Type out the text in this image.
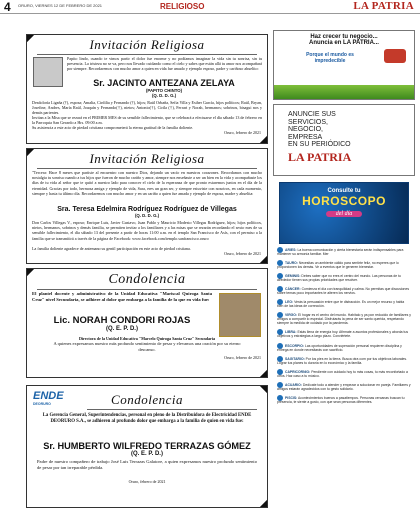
4 ORURO, VIERNES 12 DE FEBRERO DE 2021	RELIGIOSO	LA PATRIA
Invitación Religiosa
Papito lindo, cuando te vimos partir el dolor fue enorme y no podíamos imaginar la vida sin tu sonrisa, sin tu presencia. La tristeza no se va, pero nos llevado cuidando como el cielo y sabes que están allá tu amor nos acompañará por siempre. Recordaremos con mucho amor a quien en vida fue amado y ejemplo esposo, padre y cariñoso abuelito:
Sr. JACINTO ANTEZANA ZELAYA
(PAPITO CHINTO)
(Q. D. D. G.)
Desdoloría Ligaña (†), esposa; Amalia, Cirdilia y Fernando (†), hijos; Raúl Orbaña, Sefia Villa y Esther García, hijos políticos; Raúl, Bryan, Josefine, Andres, María Raúl, Joaquín y Fernando(†), nietos; Antonio(†), Cirila (†), Ferrari y Norah, hermanos; sobrinos, bisagui nos y demás parientes.
Invitan a la Misa que se rezará en el PRIMER MES de su sensible fallecimiento, que se celebrará a efectuarse el día sábado 13 de febrero en la Parroquia San Gerardo a Hrs. 09:00 a.m.
Su asistencia a este acto de piedad cristiana comprometerá la eterna gratitud de la familia doliente.
Oruro, febrero de 2021
Invitación Religiosa
"Tercera: Hace 8 meses que partiste al encuentro con nuestro Dios, dejando un vacío en nuestros corazones. Recordamos con mucho nostalgia tu sonrisa cuando a tus hijos que fueron de mucho cariño y amor, siempre nos enseñaste a ser un bien en la vida y acompañaste los días de tu vida al señor que te quitó a nuestro lado para conocer el cielo de la esperanza de que pronto estaremos juntos en el día de la eternidad. Gracias por todo, hermosa amiga y ejemplo de vida, Sara, eres un gran ser, y siempre estuviste con nosotros, en cada momento, siempre y hasta tu último día. Recordaremos con mucho amor y en un cariño a quien fue amada y ejemplo de esposa, madre y abuelita:
Sra. Teresa Edelmira Rodríguez Rodríguez de Villegas
(Q. D. D. G.)
Don Carlos Villegas V., esposo; Enrique Luis, Javier Gustavo, Juan Pablo y Mauricio Modesto Villegas Rodríguez, hijos; hijos políticos, nietos, hermanos, sobrinos y demás familia, se permiten invitar a los familiares y a las misas que se rezarán recordando el sexto mes de su sensible fallecimiento, el día sábado 13 del presente a partir de horas 11:00 a.m. en el templo San Francisco de Asís, con el permiso a la familia que se transmitirá a través de la página de Facebook: www.facebook.com/templo.sanfrancisco.oruro
La familia doliente agradece de antemano su gentil participación en este acto de piedad cristiana.
Oruro, febrero de 2021
Condolencia
El plantel docente y administrativo de la Unidad Educativa "Mariscal Quiroga Santa Cruz" nivel Secundaria, se adhiere al dolor que embarga a la familia de la que en vida fue:
Lic. NORAH CONDORI ROJAS
(Q. E. P. D.)
Directora de la Unidad Educativa "Marcelo Quiroga Santa Cruz" Secundaria
A quienes expresamos nuestro más profundo sentimiento de pesar y elevamos una oración por su eterno descanso.
Oruro, febrero de 2021
ENDE
DEORURO	Condolencia
La Gerencia General, Superintendencias, personal en pleno de la Distribuidora de Electricidad ENDE DEORURO S.A., se adhieren al profundo dolor que embarga a la familia de quien en vida fue:
Sr. HUMBERTO WILFREDO TERRAZAS GÓMEZ
(Q. E. P. D.)
Padre de nuestro compañero de trabajo José Luis Terrazas Galatore, a quien expresamos nuestro profundo sentimiento de pesar por tan irreparable pérdida.
Oruro, febrero de 2021
Haz crecer tu negocio...
Anuncia en LA PATRIA...
Porque el mundo es
impredecible
ANUNCIE SUS
SERVICIOS,
NEGOCIO,
EMPRESA
EN SU PERIÓDICO
LA PATRIA
Consulte tu
HOROSCOPO
del día
ARIES: La buena comunicación y cierta bienestaría serán indispensables para mantener su armonía familiar. Mer
TAURO: Necesitas un ambiente cálido para sentirte feliz, no esperes que lo proporcionen los demás. Ve a eventos que le generen bienestar.
GEMINIS: Debes saber que no eres el centro del mundo. Las personas de tu alrededor tienen sus propias prioridades que resolver.
CÁNCER: Comienza el día con tranquilidad y calma. No permitas que discusiones sobre temas poco importantes te alteren los nervios.
LEO: Verás la persuasión entre que te distracción. Es un mejor recurso y habla bien de las ideas de corrección.
VIRGO: El hogar es el centro del mundo. Habítalo y ya pon reducido de familiares y amigos a compartir lo especial. Disfrutarás la pena de ser santo querida, respetando siempre la medida de cuidado por la pandemia.
LIBRA: Estás llena de energía hoy. Afirmate a asuntos profesionales y aborda tus objetivos y estrategias a largo plazo. Conviértete.
ESCORPIO: Las oportunidades de superación personal requieren disciplina y entrega en donde necesitarás con sacrificio.
SAGITARIO: Por los pies en la tierra. Busca otra com por tus objetivos laborales. Lograr tus planes tu duraría en lo económico y la familia.
CAPRICORNIO: Pendiente con cuidado hoy tu más cosas, tu más reconfortado a otros. Haz caso a tu músico.
ACUARIO: Dedícate todo a atender y empezar a solucionar en pareja. Familiares y amigos estarán agradecidos con tu gesto solidario.
PISCIS: Acontecimientos buenos a pasatiempos. Personas cercanas buscan tu presencia, te siente a gusto, con que sean personas diferentes.
